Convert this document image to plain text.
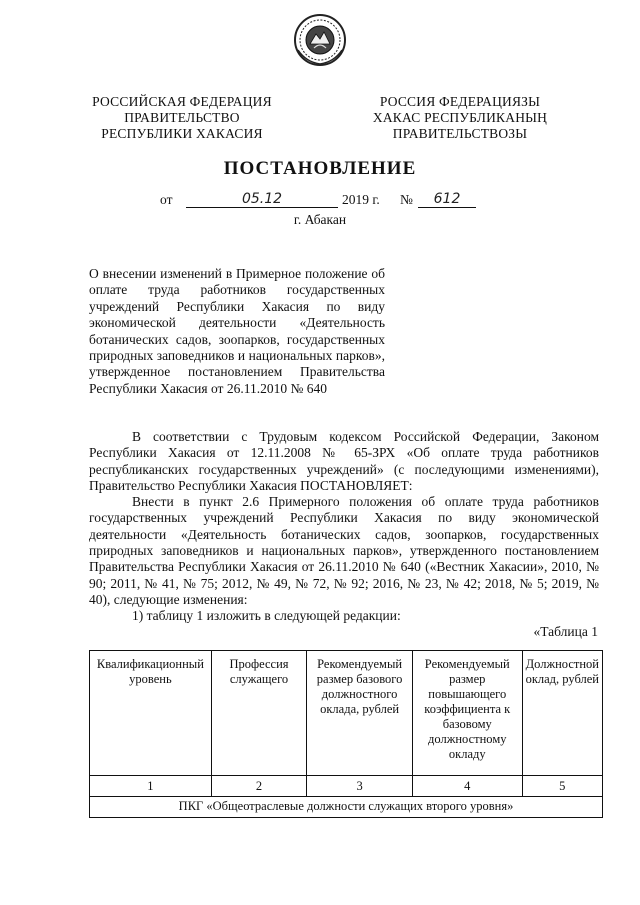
РОССИЙСКАЯ ФЕДЕРАЦИЯ
ПРАВИТЕЛЬСТВО
РЕСПУБЛИКИ ХАКАСИЯ
РОССИЯ ФЕДЕРАЦИЯЗЫ
ХАКАС РЕСПУБЛИКАНЫҢ
ПРАВИТЕЛЬСТВОЗЫ
ПОСТАНОВЛЕНИЕ
от	05.12	2019 г. №	612
г. Абакан

О внесении изменений в Примерное положение об оплате труда работников государственных учреждений Республики Хакасия по виду экономической деятельности «Деятельность ботанических садов, зоопарков, государственных природных заповедников и национальных парков», утвержденное постановлением Правительства Республики Хакасия от 26.11.2010 № 640

В соответствии с Трудовым кодексом Российской Федерации, Законом Республики Хакасия от 12.11.2008 № 65-ЗРХ «Об оплате труда работников республиканских государственных учреждений» (с последующими изменениями), Правительство Республики Хакасия ПОСТАНОВЛЯЕТ:

Внести в пункт 2.6 Примерного положения об оплате труда работников государственных учреждений Республики Хакасия по виду экономической деятельности «Деятельность ботанических садов, зоопарков, государственных природных заповедников и национальных парков», утвержденного постановлением Правительства Республики Хакасия от 26.11.2010 № 640 («Вестник Хакасии», 2010, № 90; 2011, № 41, № 75; 2012, № 49, № 72, № 92; 2016, № 23, № 42; 2018, № 5; 2019, № 40), следующие изменения:

1) таблицу 1 изложить в следующей редакции:

«Таблица 1
Квалификационный уровень	Профессия служащего	Рекомендуемый размер базового должностного оклада, рублей	Рекомендуемый размер повышающего коэффициента к базовому должностному окладу	Должностной оклад, рублей
1	2	3	4	5
ПКГ «Общеотраслевые должности служащих второго уровня»				
